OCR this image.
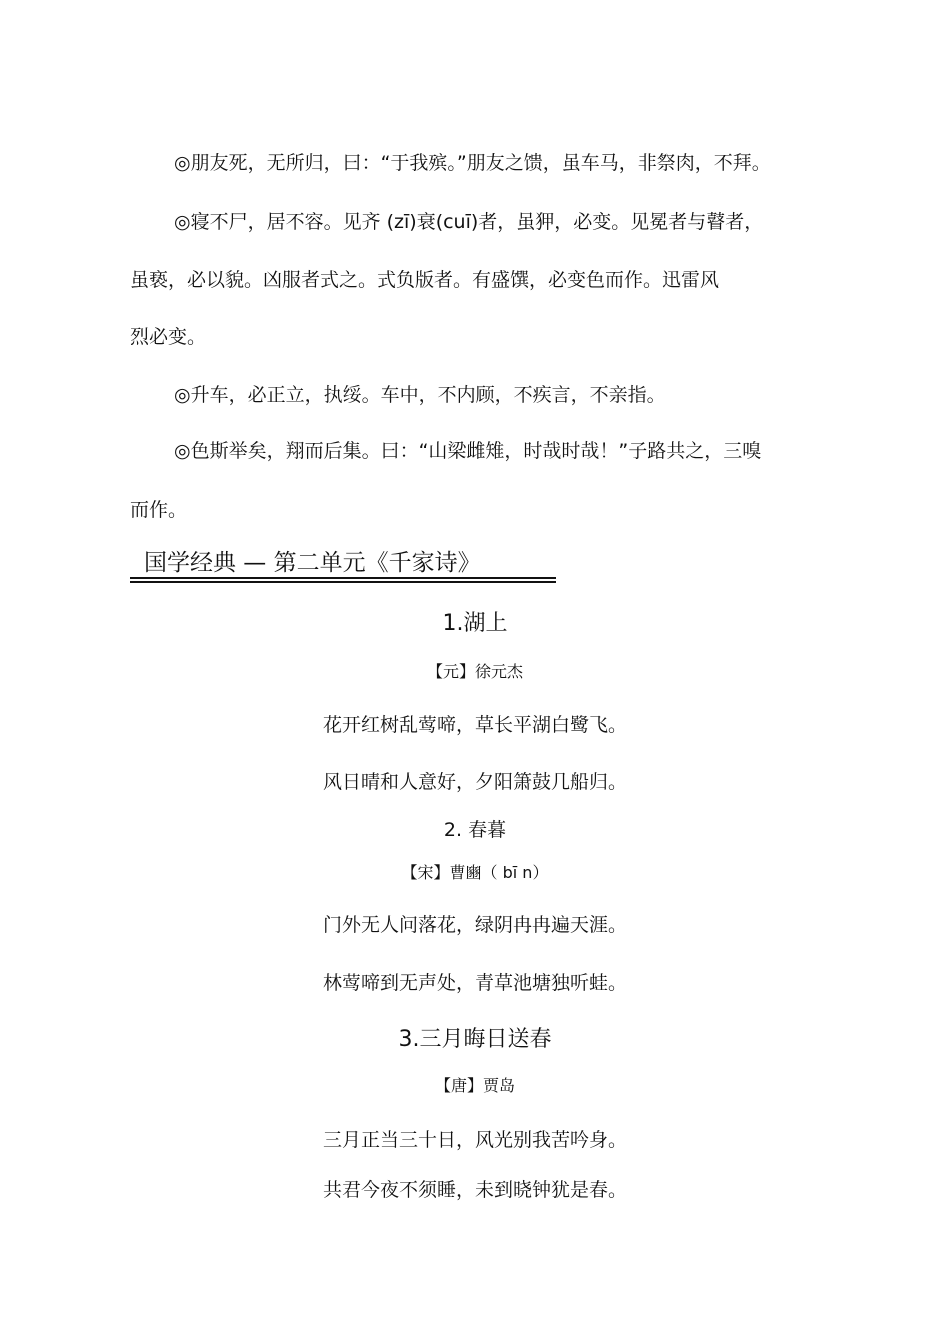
◎朋友死，无所归，曰：“于我殡。”朋友之馈，虽车马，非祭肉，不拜。
◎寝不尸，居不容。见齐 (zī)衰(cuī)者，虽狎，必变。见冕者与瞽者，
虽亵，必以貌。凶服者式之。式负版者。有盛馔，必变色而作。迅雷风
烈必变。
◎升车，必正立，执绥。车中，不内顾，不疾言，不亲指。
◎色斯举矣，翔而后集。曰：“山梁雌雉，时哉时哉！”子路共之，三嗅
而作。
国学经典 — 第二单元《千家诗》
1.湖上
【元】徐元杰
花开红树乱莺啼，草长平湖白鹭飞。
风日晴和人意好，夕阳箫鼓几船归。
2. 春暮
【宋】曹豳（ bī n）
门外无人问落花，绿阴冉冉遍天涯。
林莺啼到无声处，青草池塘独听蛙。
3.三月晦日送春
【唐】贾岛
三月正当三十日，风光别我苦吟身。
共君今夜不须睡，未到晓钟犹是春。
